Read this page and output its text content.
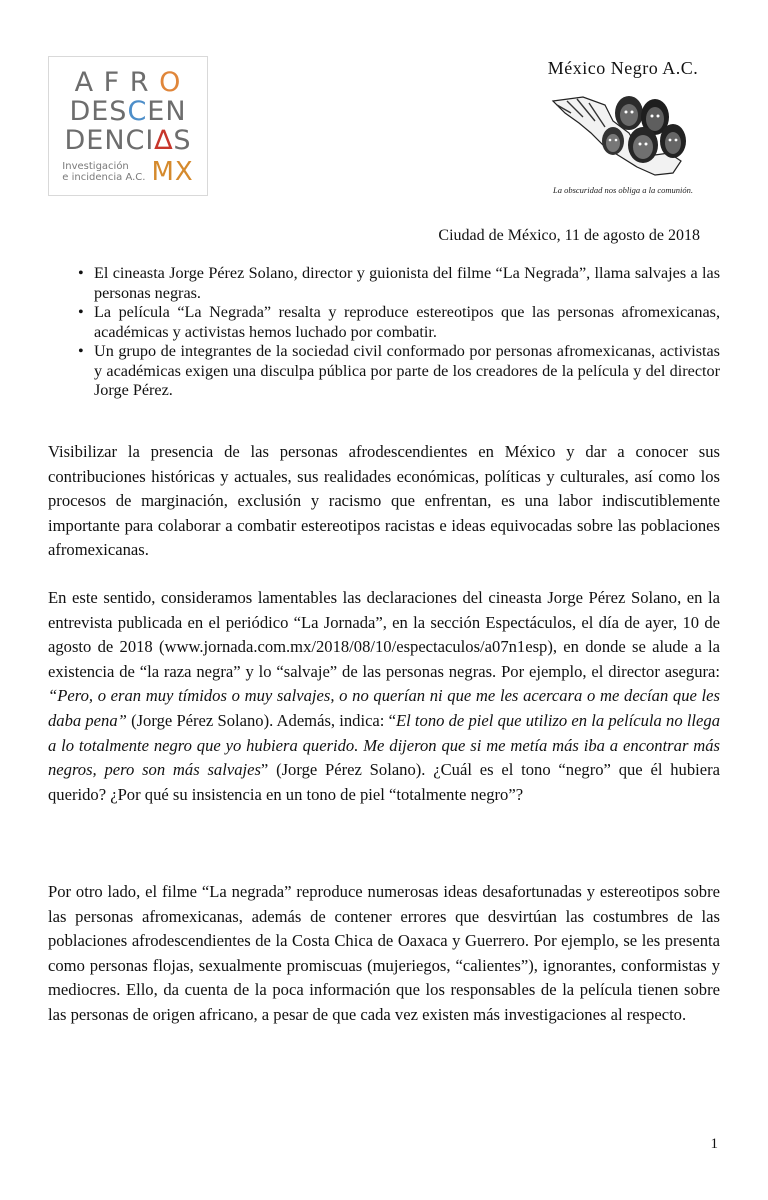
A F R O
DESCEN
DENCI∆S
Investigación
e incidencia A.C. MX
México Negro A.C.
La obscuridad nos obliga a la comunión.
Ciudad de México, 11 de agosto de 2018
• El cineasta Jorge Pérez Solano, director y guionista del filme “La Negrada”, llama salvajes a las personas negras.
• La película “La Negrada” resalta y reproduce estereotipos que las personas afromexicanas, académicas y activistas hemos luchado por combatir.
• Un grupo de integrantes de la sociedad civil conformado por personas afromexicanas, activistas y académicas exigen una disculpa pública por parte de los creadores de la película y del director Jorge Pérez.

Visibilizar la presencia de las personas afrodescendientes en México y dar a conocer sus contribuciones históricas y actuales, sus realidades económicas, políticas y culturales, así como los procesos de marginación, exclusión y racismo que enfrentan, es una labor indiscutiblemente importante para colaborar a combatir estereotipos racistas e ideas equivocadas sobre las poblaciones afromexicanas.

En este sentido, consideramos lamentables las declaraciones del cineasta Jorge Pérez Solano, en la entrevista publicada en el periódico “La Jornada”, en la sección Espectáculos, el día de ayer, 10 de agosto de 2018 (www.jornada.com.mx/2018/08/10/espectaculos/a07n1esp), en donde se alude a la existencia de “la raza negra” y lo “salvaje” de las personas negras. Por ejemplo, el director asegura: “Pero, o eran muy tímidos o muy salvajes, o no querían ni que me les acercara o me decían que les daba pena” (Jorge Pérez Solano). Además, indica: “El tono de piel que utilizo en la película no llega a lo totalmente negro que yo hubiera querido. Me dijeron que si me metía más iba a encontrar más negros, pero son más salvajes” (Jorge Pérez Solano). ¿Cuál es el tono “negro” que él hubiera querido? ¿Por qué su insistencia en un tono de piel “totalmente negro”?

Por otro lado, el filme “La negrada” reproduce numerosas ideas desafortunadas y estereotipos sobre las personas afromexicanas, además de contener errores que desvirtúan las costumbres de las poblaciones afrodescendientes de la Costa Chica de Oaxaca y Guerrero. Por ejemplo, se les presenta como personas flojas, sexualmente promiscuas (mujeriegos, “calientes”), ignorantes, conformistas y mediocres. Ello, da cuenta de la poca información que los responsables de la película tienen sobre las personas de origen africano, a pesar de que cada vez existen más investigaciones al respecto.

1
